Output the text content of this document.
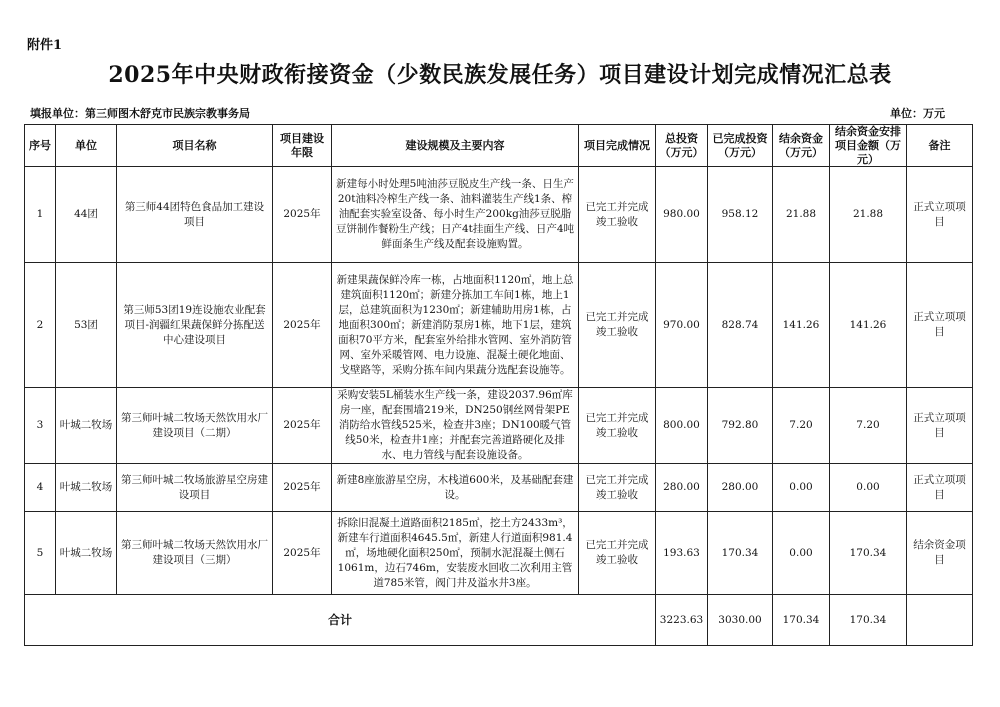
附件1
2025年中央财政衔接资金（少数民族发展任务）项目建设计划完成情况汇总表
填报单位：第三师图木舒克市民族宗教事务局	单位：万元
序号	单位	项目名称	项目建设年限	建设规模及主要内容	项目完成情况	总投资（万元）	已完成投资（万元）	结余资金（万元）	结余资金安排项目金额（万元）	备注
1	44团	第三师44团特色食品加工建设项目	2025年	新建每小时处理5吨油莎豆脱皮生产线一条、日生产20t油料冷榨生产线一条、油料灌装生产线1条、榨油配套实验室设备、每小时生产200kg油莎豆脱脂豆饼制作餐粉生产线；日产4t挂面生产线、日产4吨鲜面条生产线及配套设施购置。	已完工并完成竣工验收	980.00	958.12	21.88	21.88	正式立项项目
2	53团	第三师53团19连设施农业配套项目-润疆红果蔬保鲜分拣配送中心建设项目	2025年	新建果蔬保鲜冷库一栋，占地面积1120㎡，地上总建筑面积1120㎡；新建分拣加工车间1栋，地上1层，总建筑面积为1230㎡；新建辅助用房1栋，占地面积300㎡；新建消防泵房1栋，地下1层，建筑面积70平方米，配套室外给排水管网、室外消防管网、室外采暖管网、电力设施、混凝土硬化地面、戈壁路等，采购分拣车间内果蔬分选配套设施等。	已完工并完成竣工验收	970.00	828.74	141.26	141.26	正式立项项目
3	叶城二牧场	第三师叶城二牧场天然饮用水厂建设项目（二期）	2025年	采购安装5L桶装水生产线一条，建设2037.96㎡库房一座，配套围墙219米，DN250钢丝网骨架PE消防给水管线525米，检查井3座；DN100暖气管线50米，检查井1座；并配套完善道路硬化及排水、电力管线与配套设施设备。	已完工并完成竣工验收	800.00	792.80	7.20	7.20	正式立项项目
4	叶城二牧场	第三师叶城二牧场旅游星空房建设项目	2025年	新建8座旅游星空房，木栈道600米，及基础配套建设。	已完工并完成竣工验收	280.00	280.00	0.00	0.00	正式立项项目
5	叶城二牧场	第三师叶城二牧场天然饮用水厂建设项目（三期）	2025年	拆除旧混凝土道路面积2185㎡，挖土方2433m³，新建车行道面积4645.5㎡，新建人行道面积981.4㎡，场地硬化面积250㎡，预制水泥混凝土侧石1061m，边石746m，安装废水回收二次利用主管道785米管，阀门井及溢水井3座。	已完工并完成竣工验收	193.63	170.34	0.00	170.34	结余资金项目
合计						3223.63	3030.00	170.34	170.34	
